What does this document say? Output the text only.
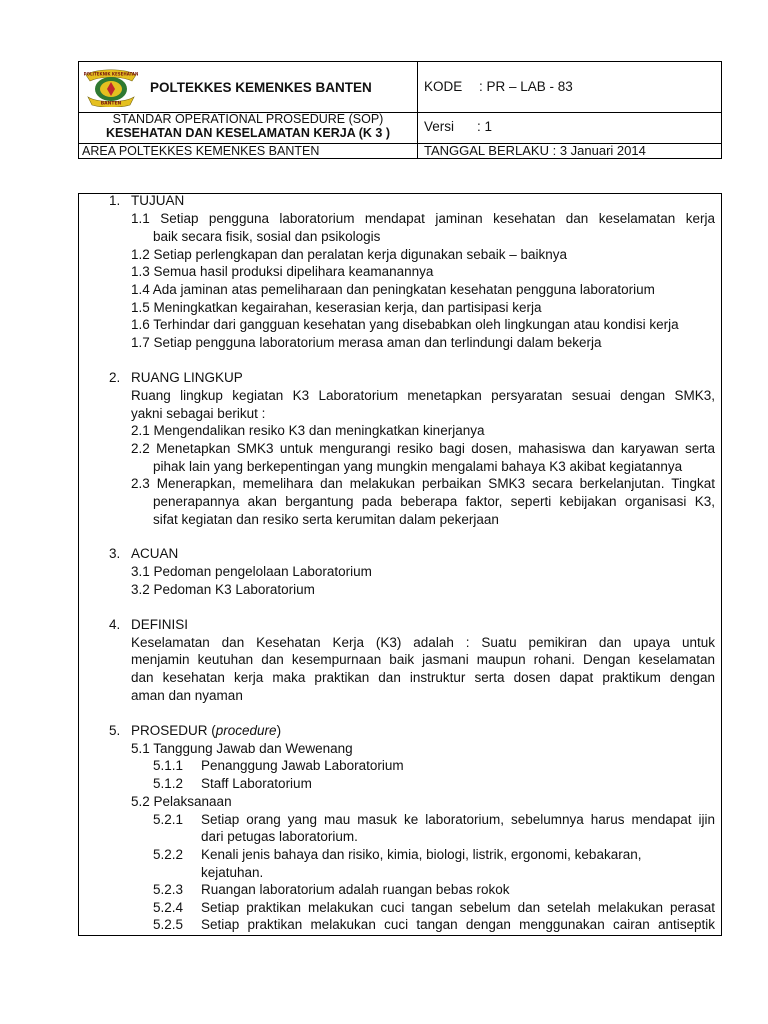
POLITEKNIK KESEHATAN
BANTEN
POLTEKKES KEMENKES BANTEN	KODE : PR – LAB - 83
STANDAR OPERATIONAL PROSEDURE (SOP)
KESEHATAN DAN KESELAMATAN KERJA (K 3 )	Versi : 1
AREA POLTEKKES KEMENKES BANTEN	TANGGAL BERLAKU : 3 Januari 2014
1. TUJUAN
1.1 Setiap pengguna laboratorium mendapat jaminan kesehatan dan keselamatan kerja
baik secara fisik, sosial dan psikologis
1.2 Setiap perlengkapan dan peralatan kerja digunakan sebaik – baiknya
1.3 Semua hasil produksi dipelihara keamanannya
1.4 Ada jaminan atas pemeliharaan dan peningkatan kesehatan pengguna laboratorium
1.5 Meningkatkan kegairahan, keserasian kerja, dan partisipasi kerja
1.6 Terhindar dari gangguan kesehatan yang disebabkan oleh lingkungan atau kondisi kerja
1.7 Setiap pengguna laboratorium merasa aman dan terlindungi dalam bekerja
2. RUANG LINGKUP
Ruang lingkup kegiatan K3 Laboratorium menetapkan persyaratan sesuai dengan SMK3,
yakni sebagai berikut :
2.1 Mengendalikan resiko K3 dan meningkatkan kinerjanya
2.2 Menetapkan SMK3 untuk mengurangi resiko bagi dosen, mahasiswa dan karyawan serta
pihak lain yang berkepentingan yang mungkin mengalami bahaya K3 akibat kegiatannya
2.3 Menerapkan, memelihara dan melakukan perbaikan SMK3 secara berkelanjutan. Tingkat
penerapannya akan bergantung pada beberapa faktor, seperti kebijakan organisasi K3,
sifat kegiatan dan resiko serta kerumitan dalam pekerjaan
3. ACUAN
3.1 Pedoman pengelolaan Laboratorium
3.2 Pedoman K3 Laboratorium
4. DEFINISI
Keselamatan dan Kesehatan Kerja (K3) adalah : Suatu pemikiran dan upaya untuk
menjamin keutuhan dan kesempurnaan baik jasmani maupun rohani. Dengan keselamatan
dan kesehatan kerja maka praktikan dan instruktur serta dosen dapat praktikum dengan
aman dan nyaman
5. PROSEDUR (procedure)
5.1 Tanggung Jawab dan Wewenang
5.1.1 Penanggung Jawab Laboratorium
5.1.2 Staff Laboratorium
5.2 Pelaksanaan
5.2.1 Setiap orang yang mau masuk ke laboratorium, sebelumnya harus mendapat ijin
dari petugas laboratorium.
5.2.2 Kenali jenis bahaya dan risiko, kimia, biologi, listrik, ergonomi, kebakaran,
kejatuhan.
5.2.3 Ruangan laboratorium adalah ruangan bebas rokok
5.2.4 Setiap praktikan melakukan cuci tangan sebelum dan setelah melakukan perasat
5.2.5 Setiap praktikan melakukan cuci tangan dengan menggunakan cairan antiseptik
